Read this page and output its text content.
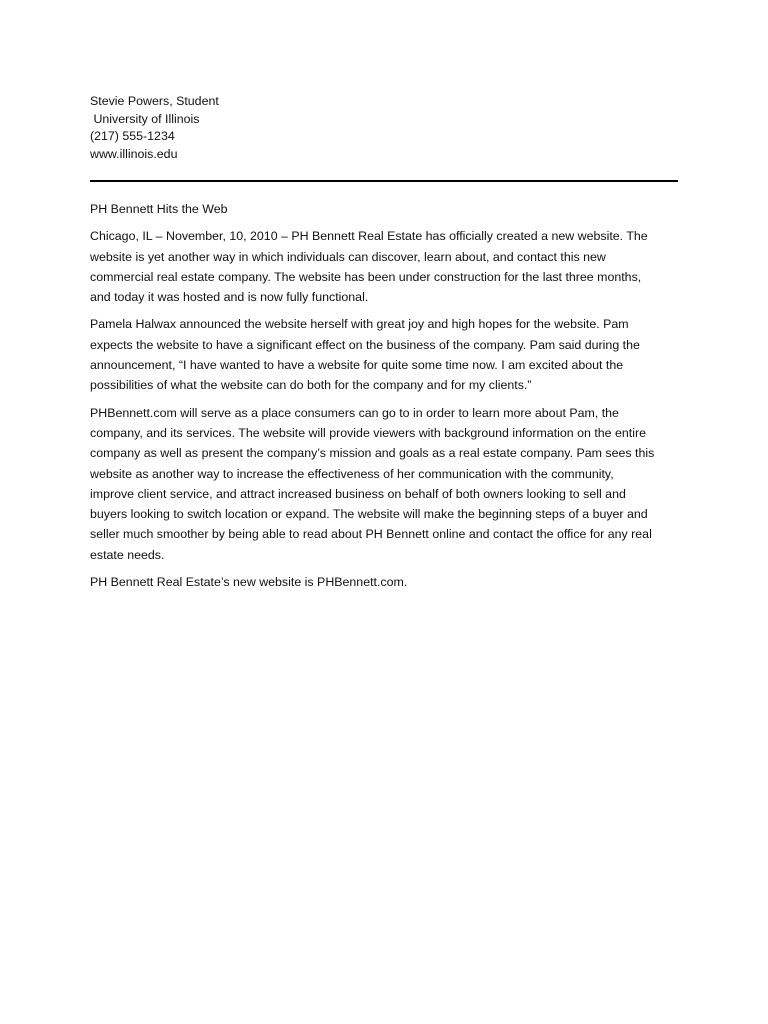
Stevie Powers, Student
University of Illinois
(217) 555-1234
www.illinois.edu
PH Bennett Hits the Web
Chicago, IL – November, 10, 2010 – PH Bennett Real Estate has officially created a new website. The
website is yet another way in which individuals can discover, learn about, and contact this new
commercial real estate company. The website has been under construction for the last three months,
and today it was hosted and is now fully functional.
Pamela Halwax announced the website herself with great joy and high hopes for the website. Pam
expects the website to have a significant effect on the business of the company. Pam said during the
announcement, “I have wanted to have a website for quite some time now. I am excited about the
possibilities of what the website can do both for the company and for my clients.”
PHBennett.com will serve as a place consumers can go to in order to learn more about Pam, the
company, and its services. The website will provide viewers with background information on the entire
company as well as present the company’s mission and goals as a real estate company. Pam sees this
website as another way to increase the effectiveness of her communication with the community,
improve client service, and attract increased business on behalf of both owners looking to sell and
buyers looking to switch location or expand. The website will make the beginning steps of a buyer and
seller much smoother by being able to read about PH Bennett online and contact the office for any real
estate needs.
PH Bennett Real Estate’s new website is PHBennett.com.
